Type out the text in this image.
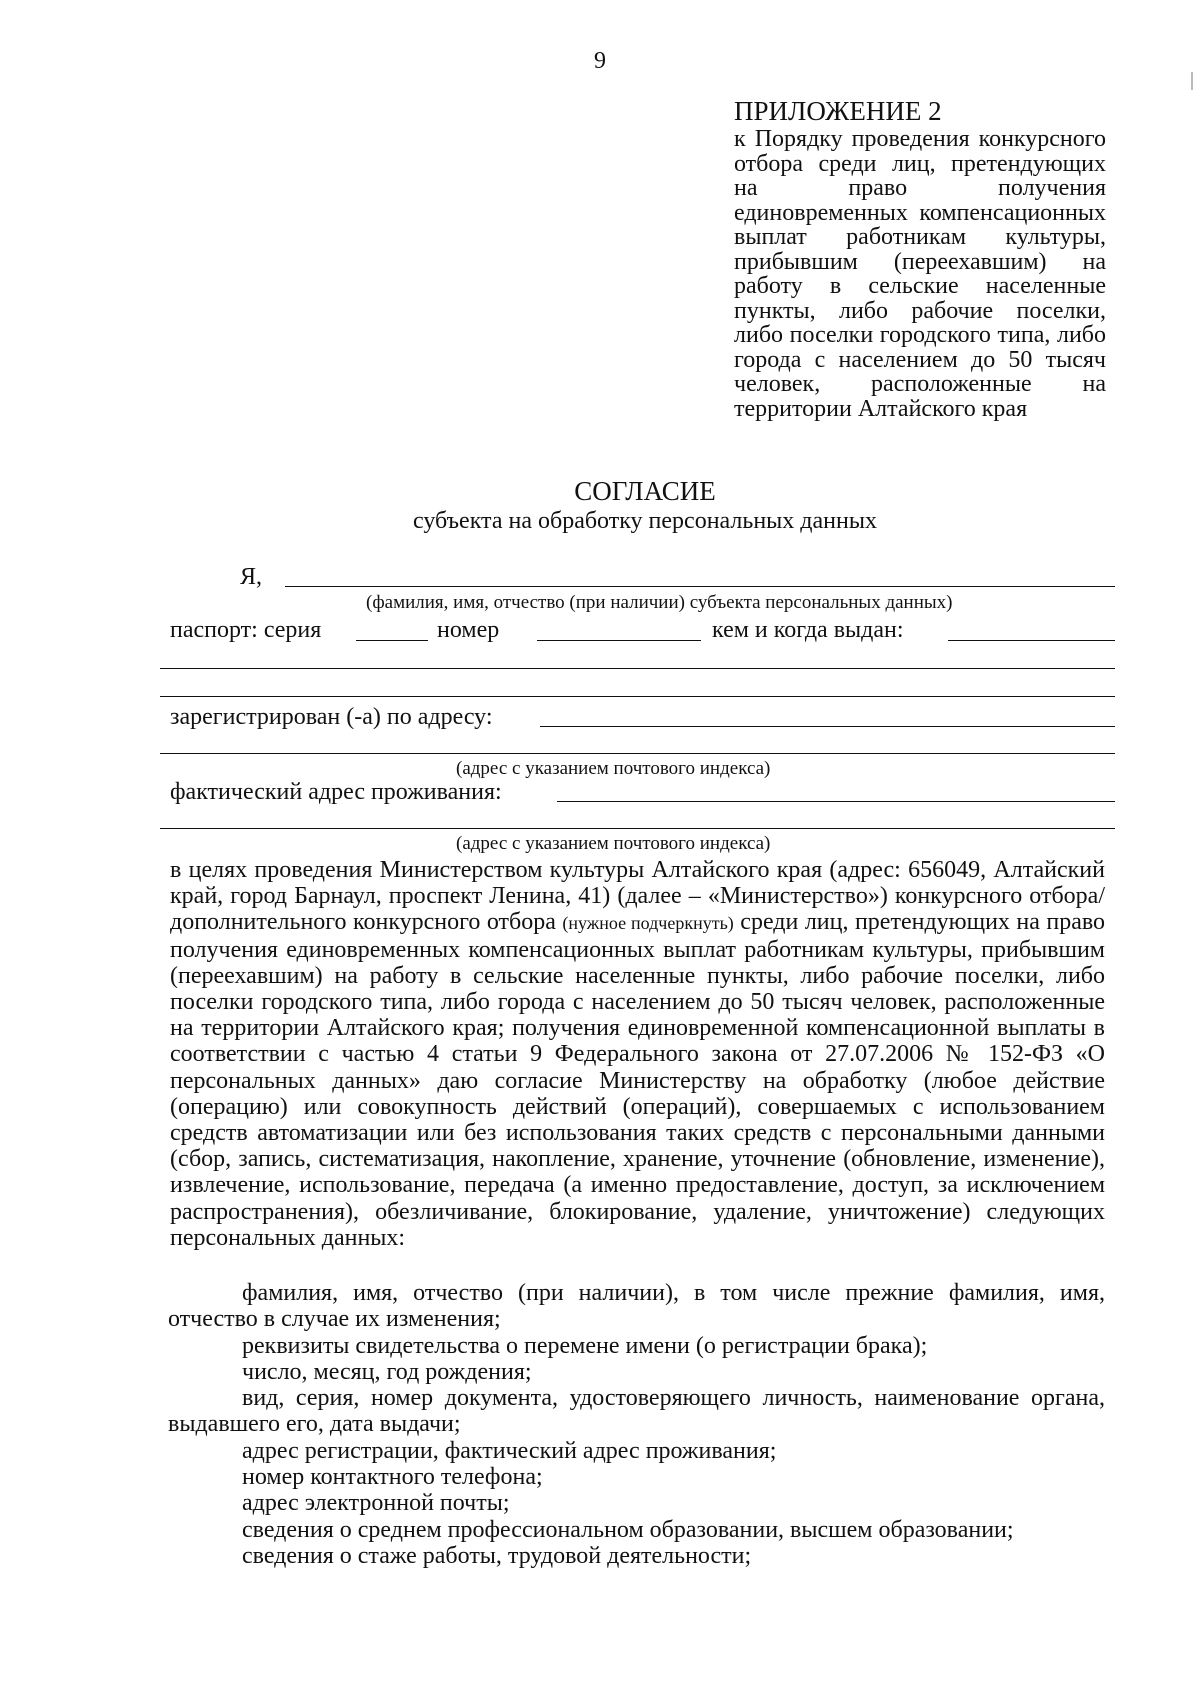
9
ПРИЛОЖЕНИЕ 2
к Порядку проведения конкурсного отбора среди лиц, претендующих на право получения единовременных компенсационных выплат работникам культуры, прибывшим (переехавшим) на работу в сельские населенные пункты, либо рабочие поселки, либо поселки городского типа, либо города с населением до 50 тысяч человек, расположенные на территории Алтайского края
СОГЛАСИЕ
субъекта на обработку персональных данных
Я,
(фамилия, имя, отчество (при наличии) субъекта персональных данных)
паспорт: серия	номер	кем и когда выдан:
зарегистрирован (-а) по адресу:
(адрес с указанием почтового индекса)
фактический адрес проживания:
(адрес с указанием почтового индекса)
в целях проведения Министерством культуры Алтайского края (адрес: 656049, Алтайский край, город Барнаул, проспект Ленина, 41) (далее – «Министерство») конкурсного отбора/ дополнительного конкурсного отбора (нужное подчеркнуть) среди лиц, претендующих на право получения единовременных компенсационных выплат работникам культуры, прибывшим (переехавшим) на работу в сельские населенные пункты, либо рабочие поселки, либо поселки городского типа, либо города с населением до 50 тысяч человек, расположенные на территории Алтайского края; получения единовременной компенсационной выплаты в соответствии с частью 4 статьи 9 Федерального закона от 27.07.2006 № 152-ФЗ «О персональных данных» даю согласие Министерству на обработку (любое действие (операцию) или совокупность действий (операций), совершаемых с использованием средств автоматизации или без использования таких средств с персональными данными (сбор, запись, систематизация, накопление, хранение, уточнение (обновление, изменение), извлечение, использование, передача (а именно предоставление, доступ, за исключением распространения), обезличивание, блокирование, удаление, уничтожение) следующих персональных данных:

фамилия, имя, отчество (при наличии), в том числе прежние фамилия, имя, отчество в случае их изменения;

реквизиты свидетельства о перемене имени (о регистрации брака);

число, месяц, год рождения;

вид, серия, номер документа, удостоверяющего личность, наименование органа, выдавшего его, дата выдачи;

адрес регистрации, фактический адрес проживания;

номер контактного телефона;

адрес электронной почты;

сведения о среднем профессиональном образовании, высшем образовании;

сведения о стаже работы, трудовой деятельности;
